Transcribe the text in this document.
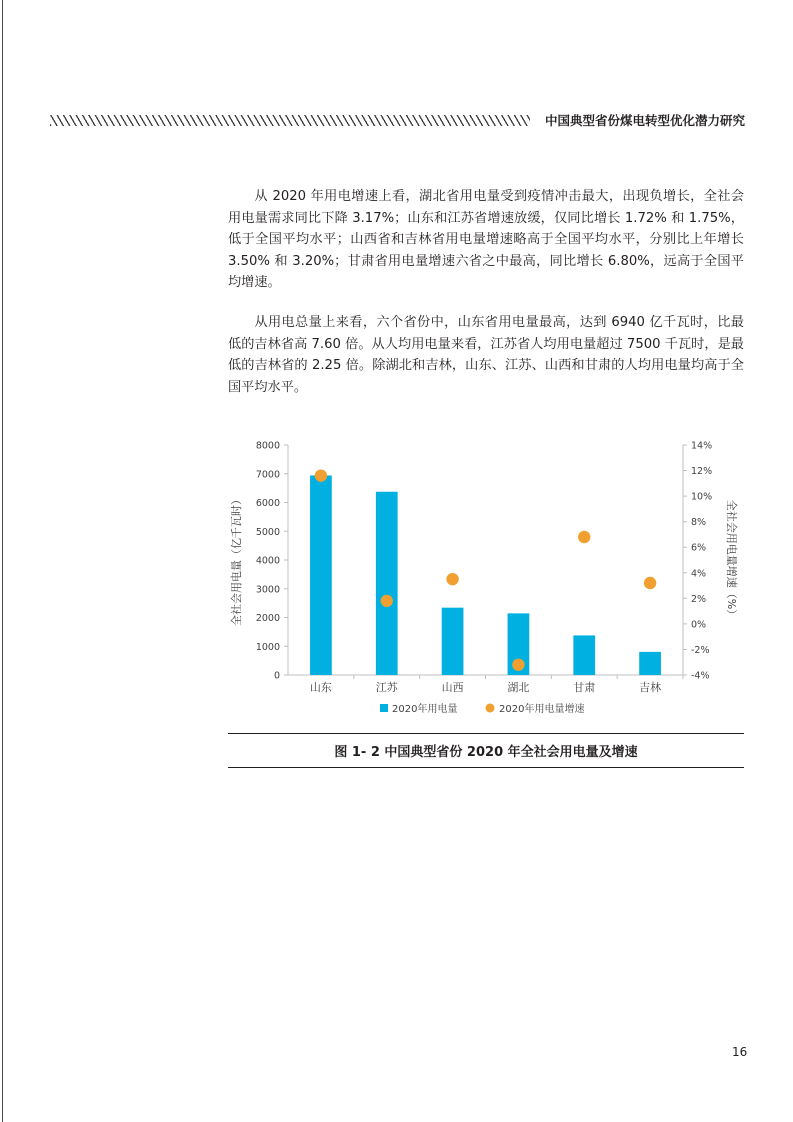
中国典型省份煤电转型优化潜力研究

从 2020 年用电增速上看，湖北省用电量受到疫情冲击最大，出现负增长，全社会用电量需求同比下降 3.17%；山东和江苏省增速放缓，仅同比增长 1.72% 和 1.75%，低于全国平均水平；山西省和吉林省用电量增速略高于全国平均水平，分别比上年增长 3.50% 和 3.20%；甘肃省用电量增速六省之中最高，同比增长 6.80%，远高于全国平均增速。

从用电总量上来看，六个省份中，山东省用电量最高，达到 6940 亿千瓦时，比最低的吉林省高 7.60 倍。从人均用电量来看，江苏省人均用电量超过 7500 千瓦时，是最低的吉林省的 2.25 倍。除湖北和吉林，山东、江苏、山西和甘肃的人均用电量均高于全国平均水平。

0
1000
2000
3000
4000
5000
6000
7000
8000
-4%
-2%
0%
2%
4%
6%
8%
10%
12%
14%
全社会用电量（亿千瓦时）	全社会用电量增速（%）
山东	江苏	山西	湖北	甘肃	吉林
2020年用电量	2020年用电量增速
图 1- 2 中国典型省份 2020 年全社会用电量及增速
16
